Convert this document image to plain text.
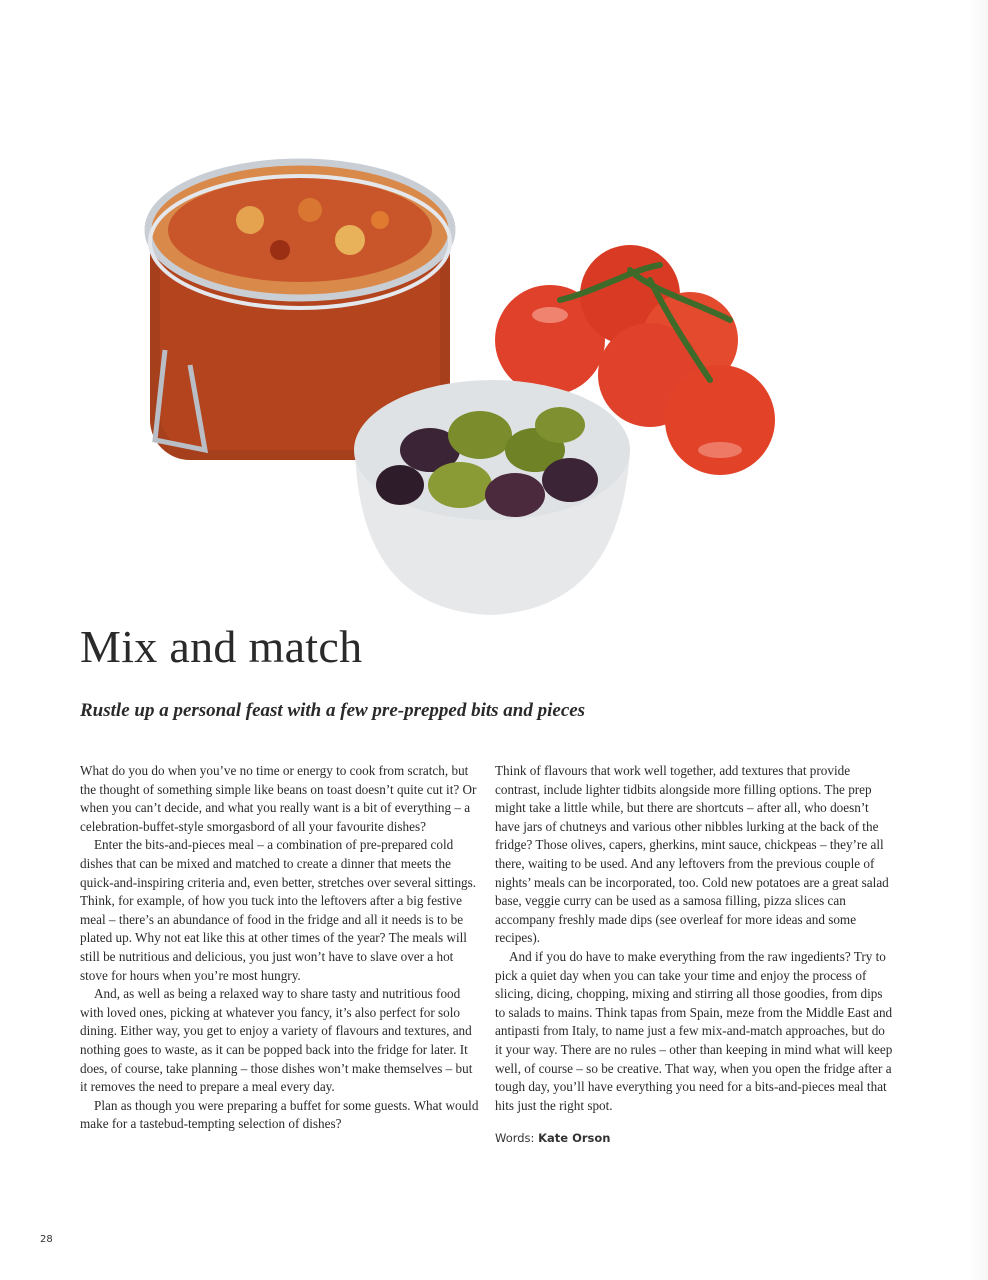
Mix and match
Rustle up a personal feast with a few pre-prepped bits and pieces

What do you do when you’ve no time or energy to cook from scratch, but the thought of something simple like beans on toast doesn’t quite cut it? Or when you can’t decide, and what you really want is a bit of everything – a celebration-buffet-style smorgasbord of all your favourite dishes?

Enter the bits-and-pieces meal – a combination of pre-prepared cold dishes that can be mixed and matched to create a dinner that meets the quick-and-inspiring criteria and, even better, stretches over several sittings. Think, for example, of how you tuck into the leftovers after a big festive meal – there’s an abundance of food in the fridge and all it needs is to be plated up. Why not eat like this at other times of the year? The meals will still be nutritious and delicious, you just won’t have to slave over a hot stove for hours when you’re most hungry.

And, as well as being a relaxed way to share tasty and nutritious food with loved ones, picking at whatever you fancy, it’s also perfect for solo dining. Either way, you get to enjoy a variety of flavours and textures, and nothing goes to waste, as it can be popped back into the fridge for later. It does, of course, take planning – those dishes won’t make themselves – but it removes the need to prepare a meal every day.

Plan as though you were preparing a buffet for some guests. What would make for a tastebud-tempting selection of dishes?

Think of flavours that work well together, add textures that provide contrast, include lighter tidbits alongside more filling options. The prep might take a little while, but there are shortcuts – after all, who doesn’t have jars of chutneys and various other nibbles lurking at the back of the fridge? Those olives, capers, gherkins, mint sauce, chickpeas – they’re all there, waiting to be used. And any leftovers from the previous couple of nights’ meals can be incorporated, too. Cold new potatoes are a great salad base, veggie curry can be used as a samosa filling, pizza slices can accompany freshly made dips (see overleaf for more ideas and some recipes).

And if you do have to make everything from the raw ingedients? Try to pick a quiet day when you can take your time and enjoy the process of slicing, dicing, chopping, mixing and stirring all those goodies, from dips to salads to mains. Think tapas from Spain, meze from the Middle East and antipasti from Italy, to name just a few mix-and-match approaches, but do it your way. There are no rules – other than keeping in mind what will keep well, of course – so be creative. That way, when you open the fridge after a tough day, you’ll have everything you need for a bits-and-pieces meal that hits just the right spot.

Words: Kate Orson
28
